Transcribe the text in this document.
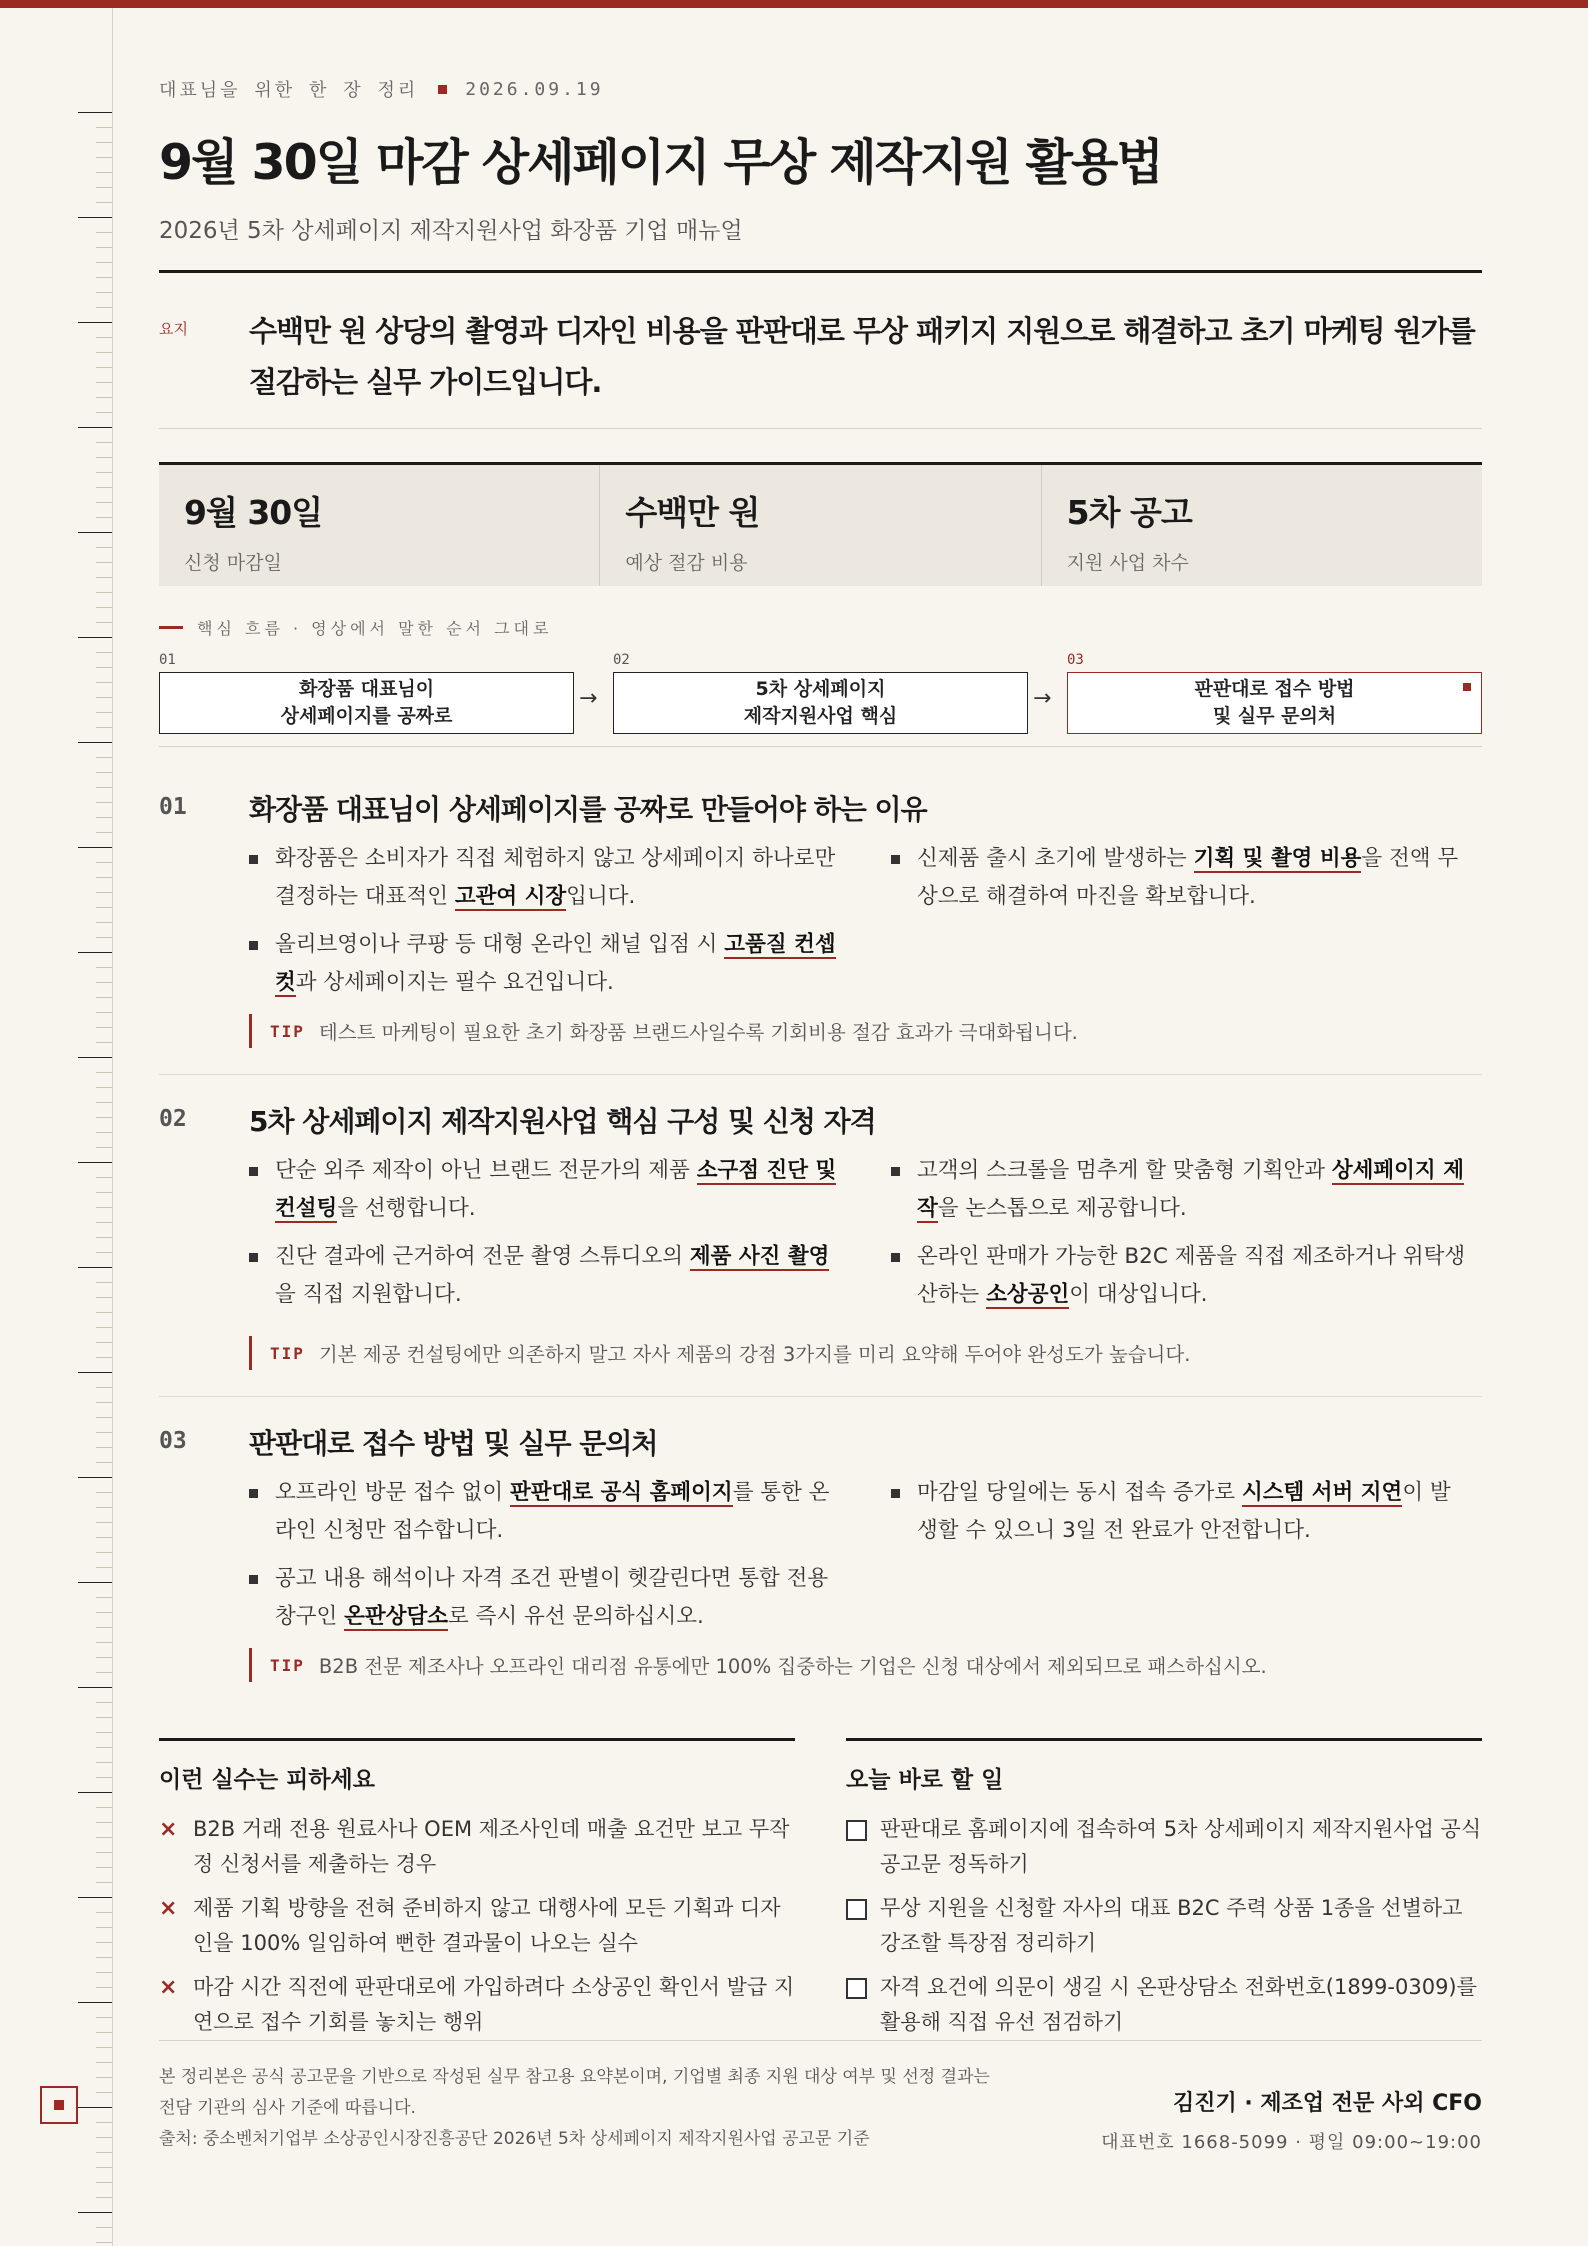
대표님을 위한 한 장 정리	2026.09.19
9월 30일 마감 상세페이지 무상 제작지원 활용법
2026년 5차 상세페이지 제작지원사업 화장품 기업 매뉴얼
요지 수백만 원 상당의 촬영과 디자인 비용을 판판대로 무상 패키지 지원으로 해결하고 초기 마케팅 원가를 절감하는 실무 가이드입니다.
9월 30일
신청 마감일
수백만 원
예상 절감 비용
5차 공고
지원 사업 차수
핵심 흐름 · 영상에서 말한 순서 그대로
01
화장품 대표님이
상세페이지를 공짜로
→
02
5차 상세페이지
제작지원사업 핵심
→
03
판판대로 접수 방법
및 실무 문의처
01 화장품 대표님이 상세페이지를 공짜로 만들어야 하는 이유
화장품은 소비자가 직접 체험하지 않고 상세페이지 하나로만 결정하는 대표적인 고관여 시장입니다.
올리브영이나 쿠팡 등 대형 온라인 채널 입점 시 고품질 컨셉컷과 상세페이지는 필수 요건입니다.
신제품 출시 초기에 발생하는 기획 및 촬영 비용을 전액 무상으로 해결하여 마진을 확보합니다.
TIP 테스트 마케팅이 필요한 초기 화장품 브랜드사일수록 기회비용 절감 효과가 극대화됩니다.
02 5차 상세페이지 제작지원사업 핵심 구성 및 신청 자격
단순 외주 제작이 아닌 브랜드 전문가의 제품 소구점 진단 및 컨설팅을 선행합니다.
진단 결과에 근거하여 전문 촬영 스튜디오의 제품 사진 촬영을 직접 지원합니다.
고객의 스크롤을 멈추게 할 맞춤형 기획안과 상세페이지 제작을 논스톱으로 제공합니다.
온라인 판매가 가능한 B2C 제품을 직접 제조하거나 위탁생산하는 소상공인이 대상입니다.
TIP 기본 제공 컨설팅에만 의존하지 말고 자사 제품의 강점 3가지를 미리 요약해 두어야 완성도가 높습니다.
03 판판대로 접수 방법 및 실무 문의처
오프라인 방문 접수 없이 판판대로 공식 홈페이지를 통한 온라인 신청만 접수합니다.
공고 내용 해석이나 자격 조건 판별이 헷갈린다면 통합 전용 창구인 온판상담소로 즉시 유선 문의하십시오.
마감일 당일에는 동시 접속 증가로 시스템 서버 지연이 발생할 수 있으니 3일 전 완료가 안전합니다.
TIP B2B 전문 제조사나 오프라인 대리점 유통에만 100% 집중하는 기업은 신청 대상에서 제외되므로 패스하십시오.
이런 실수는 피하세요
× B2B 거래 전용 원료사나 OEM 제조사인데 매출 요건만 보고 무작정 신청서를 제출하는 경우
× 제품 기획 방향을 전혀 준비하지 않고 대행사에 모든 기획과 디자인을 100% 일임하여 뻔한 결과물이 나오는 실수
× 마감 시간 직전에 판판대로에 가입하려다 소상공인 확인서 발급 지연으로 접수 기회를 놓치는 행위
오늘 바로 할 일
판판대로 홈페이지에 접속하여 5차 상세페이지 제작지원사업 공식 공고문 정독하기
무상 지원을 신청할 자사의 대표 B2C 주력 상품 1종을 선별하고 강조할 특장점 정리하기
자격 요건에 의문이 생길 시 온판상담소 전화번호(1899-0309)를 활용해 직접 유선 점검하기
본 정리본은 공식 공고문을 기반으로 작성된 실무 참고용 요약본이며, 기업별 최종 지원 대상 여부 및 선정 결과는
전담 기관의 심사 기준에 따릅니다.
출처: 중소벤처기업부 소상공인시장진흥공단 2026년 5차 상세페이지 제작지원사업 공고문 기준
김진기 · 제조업 전문 사외 CFO
대표번호 1668-5099 · 평일 09:00~19:00
